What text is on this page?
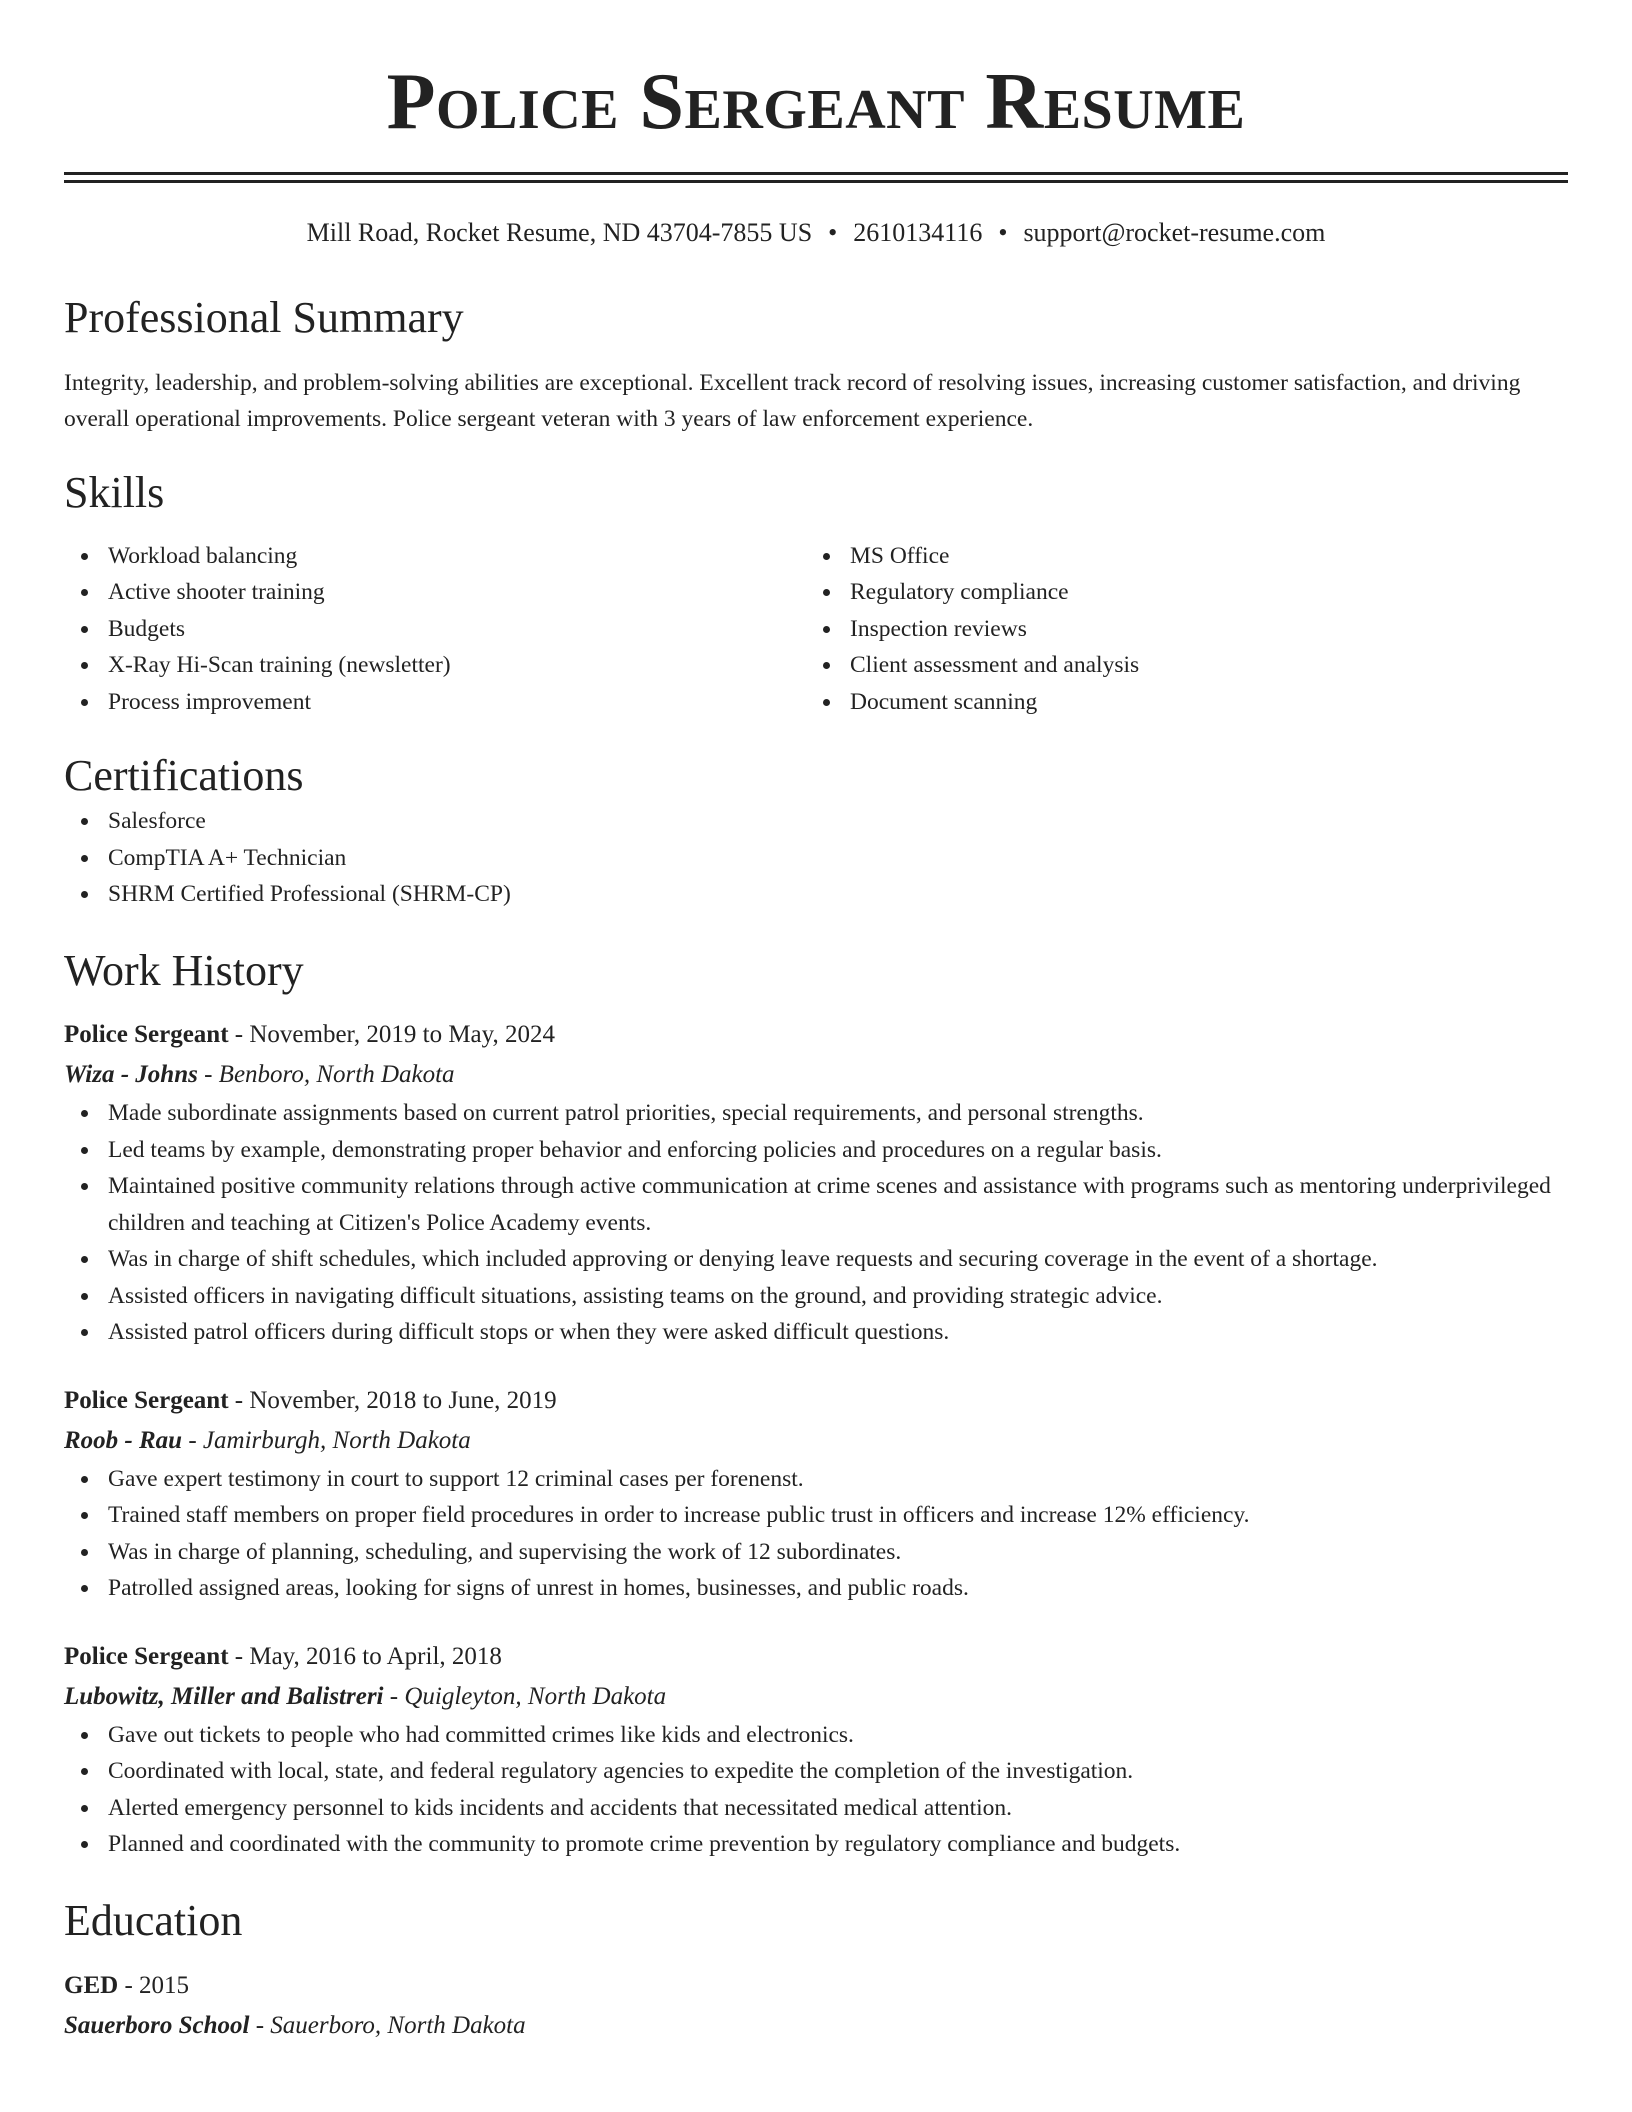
Police Sergeant Resume
Mill Road, Rocket Resume, ND 43704-7855 US • 2610134116 • support@rocket-resume.com
Professional Summary

Integrity, leadership, and problem-solving abilities are exceptional. Excellent track record of resolving issues, increasing customer satisfaction, and driving overall operational improvements. Police sergeant veteran with 3 years of law enforcement experience.

Skills
Workload balancing
Active shooter training
Budgets
X-Ray Hi-Scan training (newsletter)
Process improvement
MS Office
Regulatory compliance
Inspection reviews
Client assessment and analysis
Document scanning
Certifications
Salesforce
CompTIA A+ Technician
SHRM Certified Professional (SHRM-CP)
Work History
Police Sergeant - November, 2019 to May, 2024
Wiza - Johns - Benboro, North Dakota
Made subordinate assignments based on current patrol priorities, special requirements, and personal strengths.
Led teams by example, demonstrating proper behavior and enforcing policies and procedures on a regular basis.
Maintained positive community relations through active communication at crime scenes and assistance with programs such as mentoring underprivileged children and teaching at Citizen's Police Academy events.
Was in charge of shift schedules, which included approving or denying leave requests and securing coverage in the event of a shortage.
Assisted officers in navigating difficult situations, assisting teams on the ground, and providing strategic advice.
Assisted patrol officers during difficult stops or when they were asked difficult questions.
Police Sergeant - November, 2018 to June, 2019
Roob - Rau - Jamirburgh, North Dakota
Gave expert testimony in court to support 12 criminal cases per forenenst.
Trained staff members on proper field procedures in order to increase public trust in officers and increase 12% efficiency.
Was in charge of planning, scheduling, and supervising the work of 12 subordinates.
Patrolled assigned areas, looking for signs of unrest in homes, businesses, and public roads.
Police Sergeant - May, 2016 to April, 2018
Lubowitz, Miller and Balistreri - Quigleyton, North Dakota
Gave out tickets to people who had committed crimes like kids and electronics.
Coordinated with local, state, and federal regulatory agencies to expedite the completion of the investigation.
Alerted emergency personnel to kids incidents and accidents that necessitated medical attention.
Planned and coordinated with the community to promote crime prevention by regulatory compliance and budgets.
Education
GED - 2015
Sauerboro School - Sauerboro, North Dakota
